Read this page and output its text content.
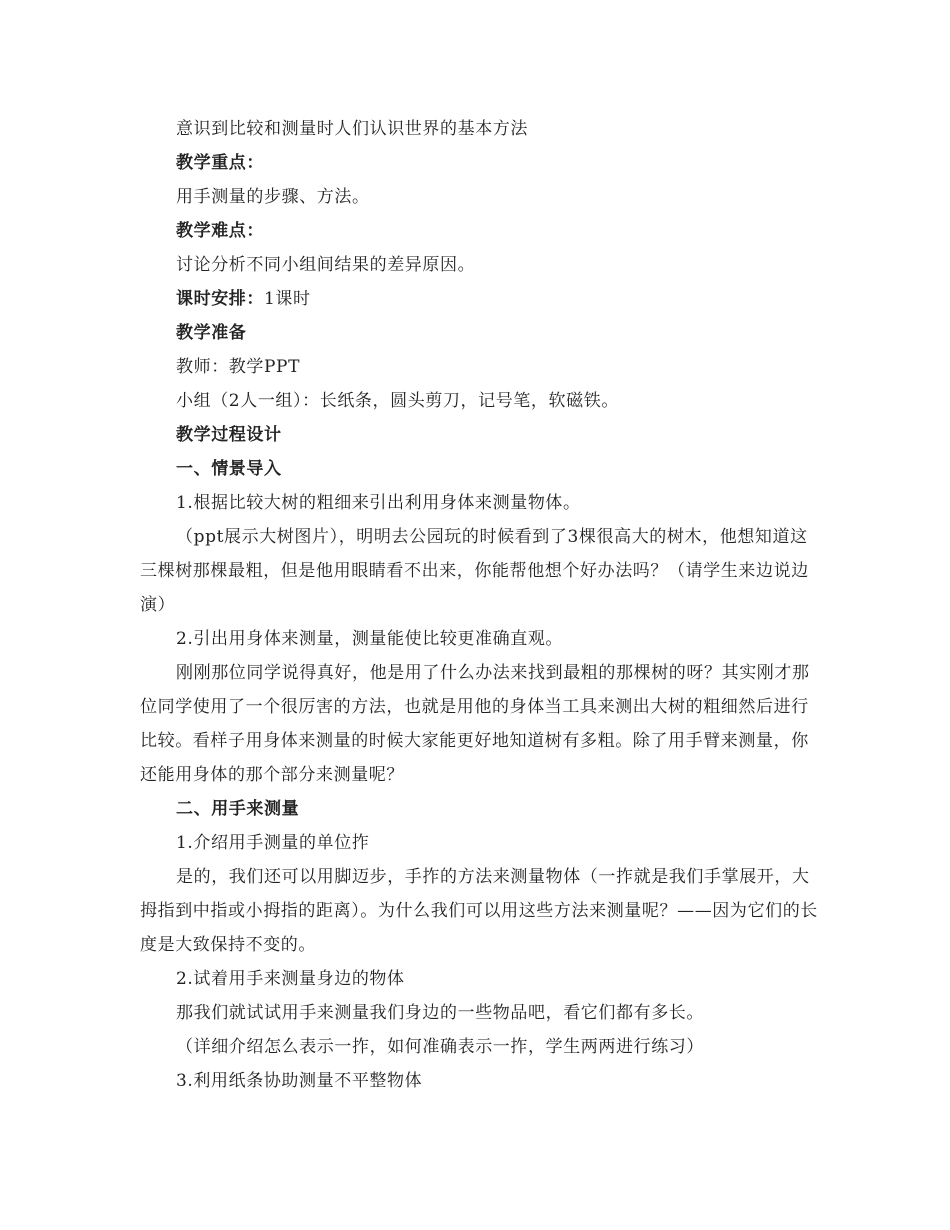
意识到比较和测量时人们认识世界的基本方法

教学重点：

用手测量的步骤、方法。

教学难点：

讨论分析不同小组间结果的差异原因。

课时安排：1课时

教学准备

教师：教学PPT

小组（2人一组）：长纸条，圆头剪刀，记号笔，软磁铁。

教学过程设计

一、情景导入

1.根据比较大树的粗细来引出利用身体来测量物体。

（ppt展示大树图片），明明去公园玩的时候看到了3棵很高大的树木，他想知道这三棵树那棵最粗，但是他用眼睛看不出来，你能帮他想个好办法吗？（请学生来边说边演）

2.引出用身体来测量，测量能使比较更准确直观。

刚刚那位同学说得真好，他是用了什么办法来找到最粗的那棵树的呀？其实刚才那位同学使用了一个很厉害的方法，也就是用他的身体当工具来测出大树的粗细然后进行比较。看样子用身体来测量的时候大家能更好地知道树有多粗。除了用手臂来测量，你还能用身体的那个部分来测量呢？

二、用手来测量

1.介绍用手测量的单位拃

是的，我们还可以用脚迈步，手拃的方法来测量物体（一拃就是我们手掌展开，大拇指到中指或小拇指的距离）。为什么我们可以用这些方法来测量呢？——因为它们的长度是大致保持不变的。

2.试着用手来测量身边的物体

那我们就试试用手来测量我们身边的一些物品吧，看它们都有多长。

（详细介绍怎么表示一拃，如何准确表示一拃，学生两两进行练习）

3.利用纸条协助测量不平整物体
